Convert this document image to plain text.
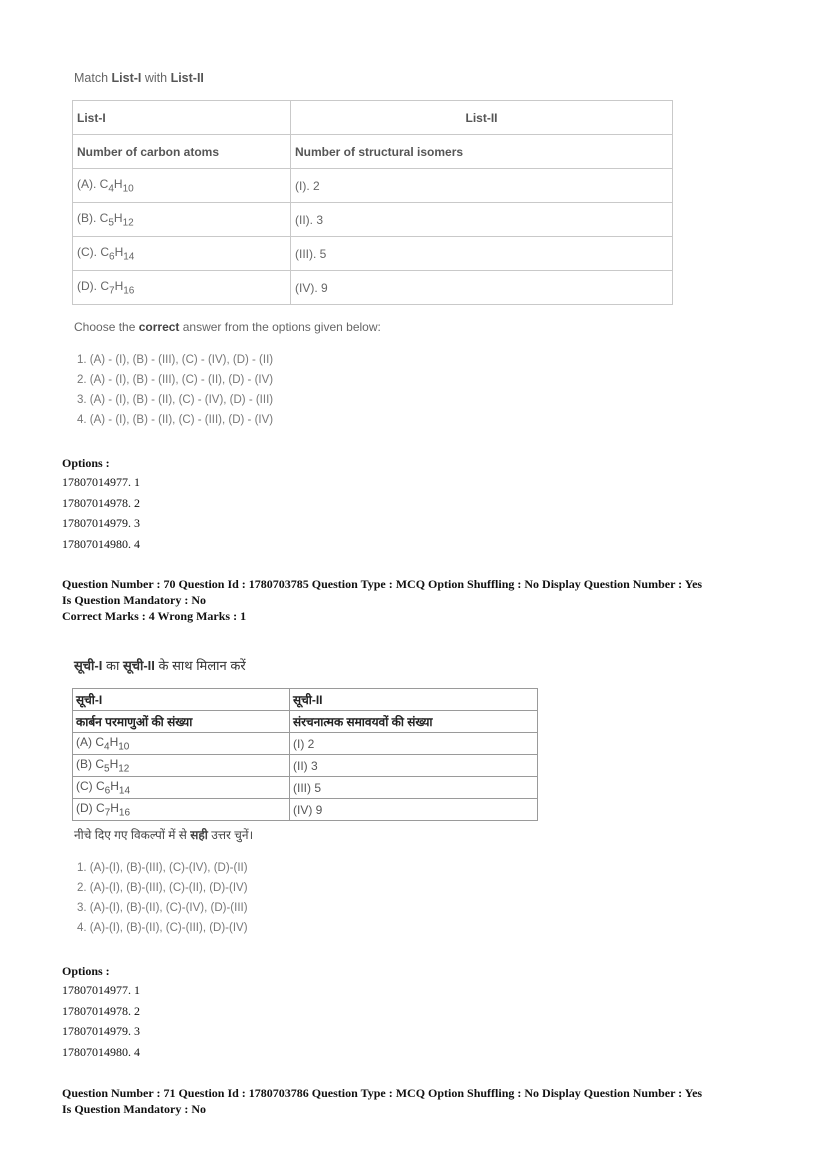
Match List-I with List-II
List-I	List-II
Number of carbon atoms	Number of structural isomers
(A). $C_4H_{10}$	(I). 2
(B). $C_5H_{12}$	(II). 3
(C). $C_6H_{14}$	(III). 5
(D). $C_7H_{16}$	(IV). 9
Choose the correct answer from the options given below:
1. (A) - (I), (B) - (III), (C) - (IV), (D) - (II)
2. (A) - (I), (B) - (III), (C) - (II), (D) - (IV)
3. (A) - (I), (B) - (II), (C) - (IV), (D) - (III)
4. (A) - (I), (B) - (II), (C) - (III), (D) - (IV)
Options :
17807014977. 1
17807014978. 2
17807014979. 3
17807014980. 4
Question Number : 70 Question Id : 1780703785 Question Type : MCQ Option Shuffling : No Display Question Number : Yes
Is Question Mandatory : No
Correct Marks : 4 Wrong Marks : 1
सूची-I का सूची-II के साथ मिलान करें
सूची-I	सूची-II
कार्बन परमाणुओं की संख्या	संरचनात्मक समावयवों की संख्या
(A) $C_4H_{10}$	(I) 2
(B) $C_5H_{12}$	(II) 3
(C) $C_6H_{14}$	(III) 5
(D) $C_7H_{16}$	(IV) 9
नीचे दिए गए विकल्पों में से सही उत्तर चुनें।
1. (A)-(I), (B)-(III), (C)-(IV), (D)-(II)
2. (A)-(I), (B)-(III), (C)-(II), (D)-(IV)
3. (A)-(I), (B)-(II), (C)-(IV), (D)-(III)
4. (A)-(I), (B)-(II), (C)-(III), (D)-(IV)
Options :
17807014977. 1
17807014978. 2
17807014979. 3
17807014980. 4
Question Number : 71 Question Id : 1780703786 Question Type : MCQ Option Shuffling : No Display Question Number : Yes
Is Question Mandatory : No
